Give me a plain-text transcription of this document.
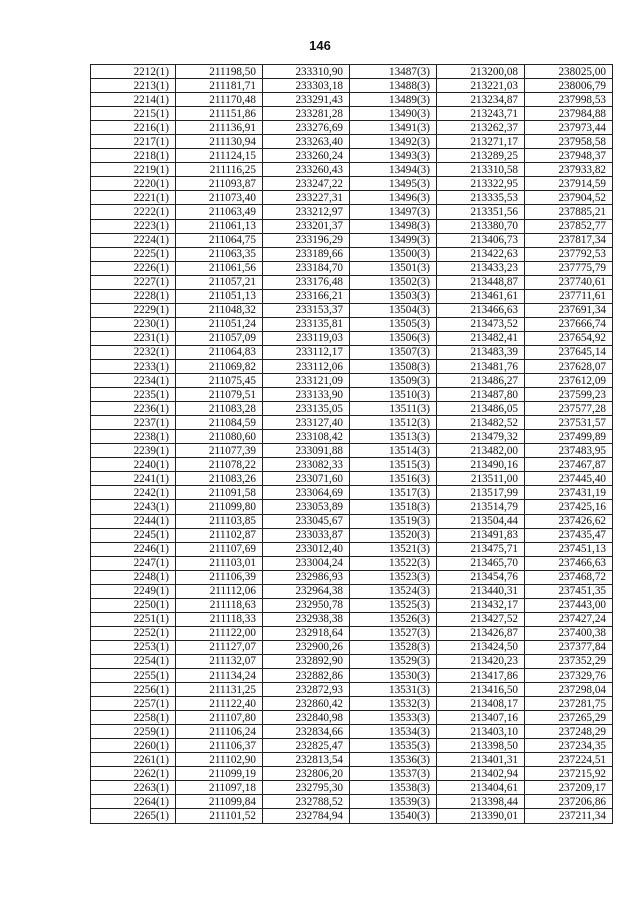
146
2212(1)	211198,50	233310,90	13487(3)	213200,08	238025,00
2213(1)	211181,71	233303,18	13488(3)	213221,03	238006,79
2214(1)	211170,48	233291,43	13489(3)	213234,87	237998,53
2215(1)	211151,86	233281,28	13490(3)	213243,71	237984,88
2216(1)	211136,91	233276,69	13491(3)	213262,37	237973,44
2217(1)	211130,94	233263,40	13492(3)	213271,17	237958,58
2218(1)	211124,15	233260,24	13493(3)	213289,25	237948,37
2219(1)	211116,25	233260,43	13494(3)	213310,58	237933,82
2220(1)	211093,87	233247,22	13495(3)	213322,95	237914,59
2221(1)	211073,40	233227,31	13496(3)	213335,53	237904,52
2222(1)	211063,49	233212,97	13497(3)	213351,56	237885,21
2223(1)	211061,13	233201,37	13498(3)	213380,70	237852,77
2224(1)	211064,75	233196,29	13499(3)	213406,73	237817,34
2225(1)	211063,35	233189,66	13500(3)	213422,63	237792,53
2226(1)	211061,56	233184,70	13501(3)	213433,23	237775,79
2227(1)	211057,21	233176,48	13502(3)	213448,87	237740,61
2228(1)	211051,13	233166,21	13503(3)	213461,61	237711,61
2229(1)	211048,32	233153,37	13504(3)	213466,63	237691,34
2230(1)	211051,24	233135,81	13505(3)	213473,52	237666,74
2231(1)	211057,09	233119,03	13506(3)	213482,41	237654,92
2232(1)	211064,83	233112,17	13507(3)	213483,39	237645,14
2233(1)	211069,82	233112,06	13508(3)	213481,76	237628,07
2234(1)	211075,45	233121,09	13509(3)	213486,27	237612,09
2235(1)	211079,51	233133,90	13510(3)	213487,80	237599,23
2236(1)	211083,28	233135,05	13511(3)	213486,05	237577,28
2237(1)	211084,59	233127,40	13512(3)	213482,52	237531,57
2238(1)	211080,60	233108,42	13513(3)	213479,32	237499,89
2239(1)	211077,39	233091,88	13514(3)	213482,00	237483,95
2240(1)	211078,22	233082,33	13515(3)	213490,16	237467,87
2241(1)	211083,26	233071,60	13516(3)	213511,00	237445,40
2242(1)	211091,58	233064,69	13517(3)	213517,99	237431,19
2243(1)	211099,80	233053,89	13518(3)	213514,79	237425,16
2244(1)	211103,85	233045,67	13519(3)	213504,44	237426,62
2245(1)	211102,87	233033,87	13520(3)	213491,83	237435,47
2246(1)	211107,69	233012,40	13521(3)	213475,71	237451,13
2247(1)	211103,01	233004,24	13522(3)	213465,70	237466,63
2248(1)	211106,39	232986,93	13523(3)	213454,76	237468,72
2249(1)	211112,06	232964,38	13524(3)	213440,31	237451,35
2250(1)	211118,63	232950,78	13525(3)	213432,17	237443,00
2251(1)	211118,33	232938,38	13526(3)	213427,52	237427,24
2252(1)	211122,00	232918,64	13527(3)	213426,87	237400,38
2253(1)	211127,07	232900,26	13528(3)	213424,50	237377,84
2254(1)	211132,07	232892,90	13529(3)	213420,23	237352,29
2255(1)	211134,24	232882,86	13530(3)	213417,86	237329,76
2256(1)	211131,25	232872,93	13531(3)	213416,50	237298,04
2257(1)	211122,40	232860,42	13532(3)	213408,17	237281,75
2258(1)	211107,80	232840,98	13533(3)	213407,16	237265,29
2259(1)	211106,24	232834,66	13534(3)	213403,10	237248,29
2260(1)	211106,37	232825,47	13535(3)	213398,50	237234,35
2261(1)	211102,90	232813,54	13536(3)	213401,31	237224,51
2262(1)	211099,19	232806,20	13537(3)	213402,94	237215,92
2263(1)	211097,18	232795,30	13538(3)	213404,61	237209,17
2264(1)	211099,84	232788,52	13539(3)	213398,44	237206,86
2265(1)	211101,52	232784,94	13540(3)	213390,01	237211,34
